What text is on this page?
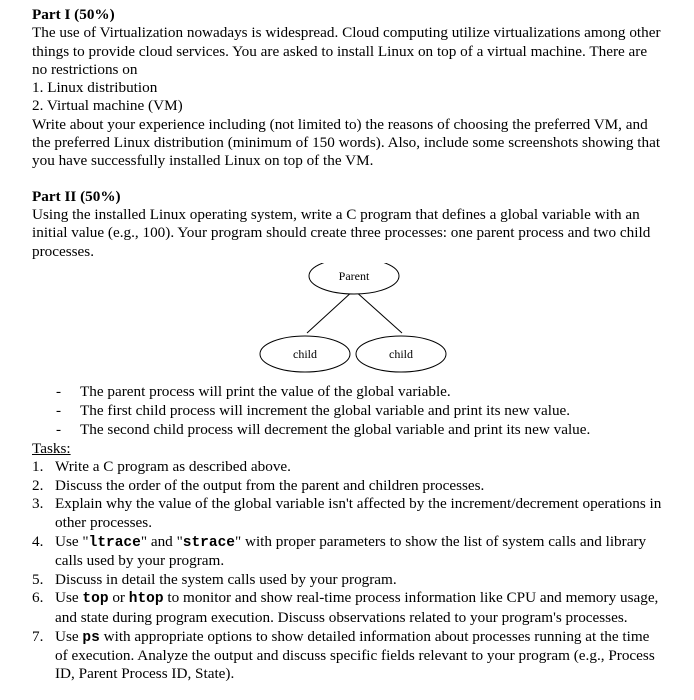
Part I (50%)

The use of Virtualization nowadays is widespread. Cloud computing utilize virtualizations among other things to provide cloud services. You are asked to install Linux on top of a virtual machine. There are no restrictions on

1. Linux distribution
2. Virtual machine (VM)

Write about your experience including (not limited to) the reasons of choosing the preferred VM, and the preferred Linux distribution (minimum of 150 words). Also, include some screenshots showing that you have successfully installed Linux on top of the VM.

Part II (50%)

Using the installed Linux operating system, write a C program that defines a global variable with an initial value (e.g., 100). Your program should create three processes: one parent process and two child processes.

Parent
child	child
- The parent process will print the value of the global variable.
- The first child process will increment the global variable and print its new value.
- The second child process will decrement the global variable and print its new value.
Tasks:
1. Write a C program as described above.
2. Discuss the order of the output from the parent and children processes.
3. Explain why the value of the global variable isn't affected by the increment/decrement operations in other processes.
4. Use "ltrace" and "strace" with proper parameters to show the list of system calls and library calls used by your program.
5. Discuss in detail the system calls used by your program.
6. Use top or htop to monitor and show real-time process information like CPU and memory usage, and state during program execution. Discuss observations related to your program's processes.
7. Use ps with appropriate options to show detailed information about processes running at the time of execution. Analyze the output and discuss specific fields relevant to your program (e.g., Process ID, Parent Process ID, State).
